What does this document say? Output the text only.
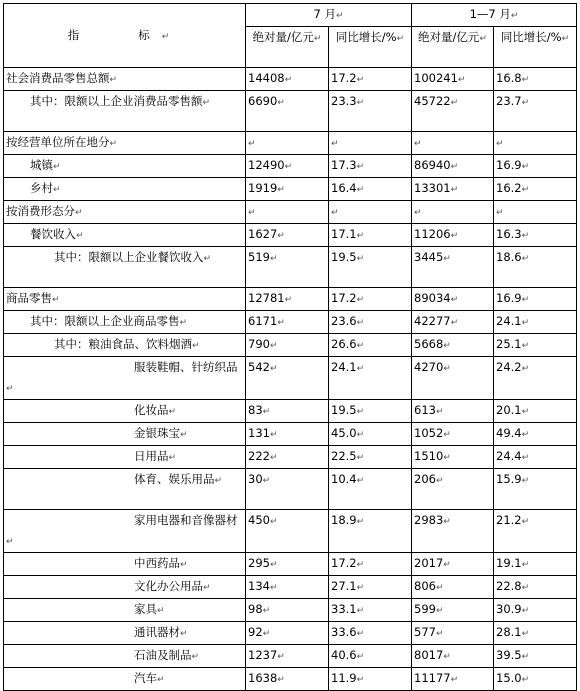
指　　标↵	7 月↵		1—7 月↵	
	绝对量/亿元↵	同比增长/%↵	绝对量/亿元↵	同比增长/%↵
社会消费品零售总额↵	14408↵	17.2↵	100241↵	16.8↵
其中：限额以上企业消费品零售额↵	6690↵	23.3↵	45722↵	23.7↵
按经营单位所在地分↵	↵	↵	↵	↵
城镇↵	12490↵	17.3↵	86940↵	16.9↵
乡村↵	1919↵	16.4↵	13301↵	16.2↵
按消费形态分↵	↵	↵	↵	↵
餐饮收入↵	1627↵	17.1↵	11206↵	16.3↵
其中：限额以上企业餐饮收入↵	519↵	19.5↵	3445↵	18.6↵
商品零售↵	12781↵	17.2↵	89034↵	16.9↵
其中：限额以上企业商品零售↵	6171↵	23.6↵	42277↵	24.1↵
其中：粮油食品、饮料烟酒↵	790↵	26.6↵	5668↵	25.1↵
服装鞋帽、针纺织品↵	542↵	24.1↵	4270↵	24.2↵
化妆品↵	83↵	19.5↵	613↵	20.1↵
金银珠宝↵	131↵	45.0↵	1052↵	49.4↵
日用品↵	222↵	22.5↵	1510↵	24.4↵
体育、娱乐用品↵	30↵	10.4↵	206↵	15.9↵
家用电器和音像器材↵	450↵	18.9↵	2983↵	21.2↵
中西药品↵	295↵	17.2↵	2017↵	19.1↵
文化办公用品↵	134↵	27.1↵	806↵	22.8↵
家具↵	98↵	33.1↵	599↵	30.9↵
通讯器材↵	92↵	33.6↵	577↵	28.1↵
石油及制品↵	1237↵	40.6↵	8017↵	39.5↵
汽车↵	1638↵	11.9↵	11177↵	15.0↵
